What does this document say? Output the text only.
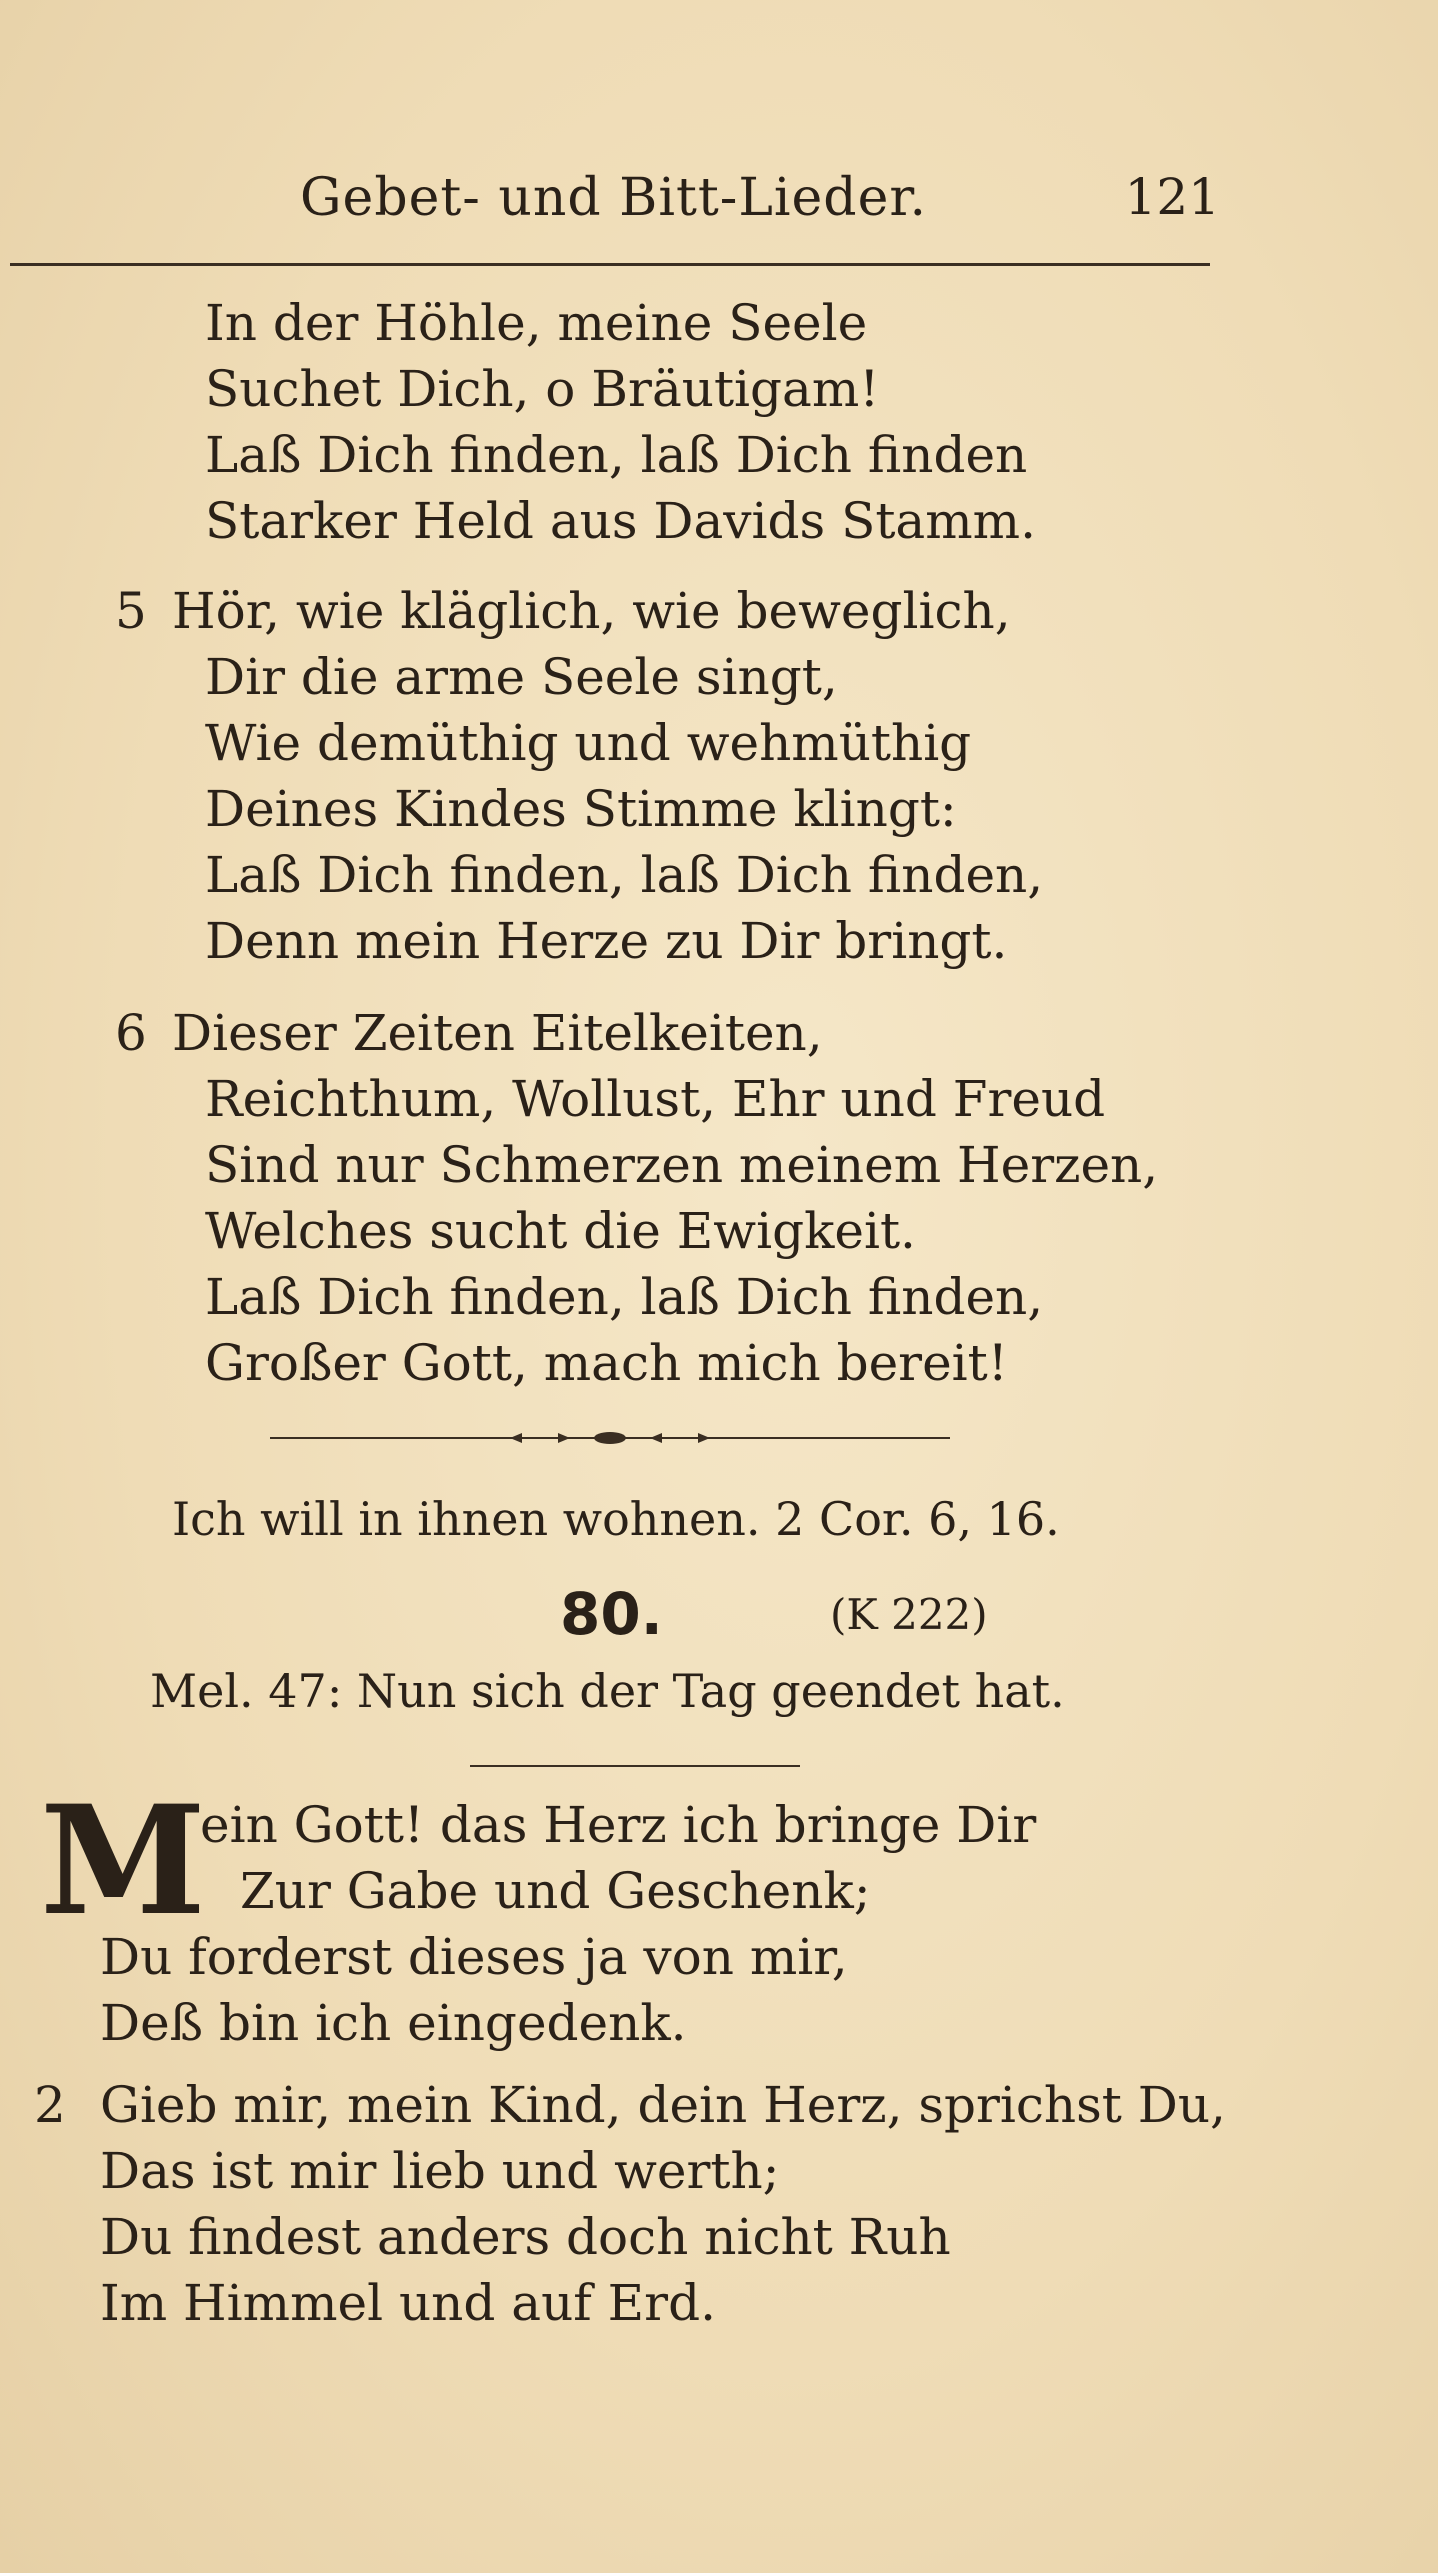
Gebet- und Bitt-Lieder.	121
In der Höhle, meine Seele
Suchet Dich, o Bräutigam!
Laß Dich finden, laß Dich finden
Starker Held aus Davids Stamm.
5 Hör, wie kläglich, wie beweglich,
Dir die arme Seele singt,
Wie demüthig und wehmüthig
Deines Kindes Stimme klingt:
Laß Dich finden, laß Dich finden,
Denn mein Herze zu Dir bringt.
6 Dieser Zeiten Eitelkeiten,
Reichthum, Wollust, Ehr und Freud
Sind nur Schmerzen meinem Herzen,
Welches sucht die Ewigkeit.
Laß Dich finden, laß Dich finden,
Großer Gott, mach mich bereit!
Ich will in ihnen wohnen. 2 Cor. 6, 16.
80.	(K 222)
Mel. 47: Nun sich der Tag geendet hat.
M
ein Gott! das Herz ich bringe Dir
Zur Gabe und Geschenk;
Du forderst dieses ja von mir,
Deß bin ich eingedenk.
2 Gieb mir, mein Kind, dein Herz, sprichst Du,
Das ist mir lieb und werth;
Du findest anders doch nicht Ruh
Im Himmel und auf Erd.
